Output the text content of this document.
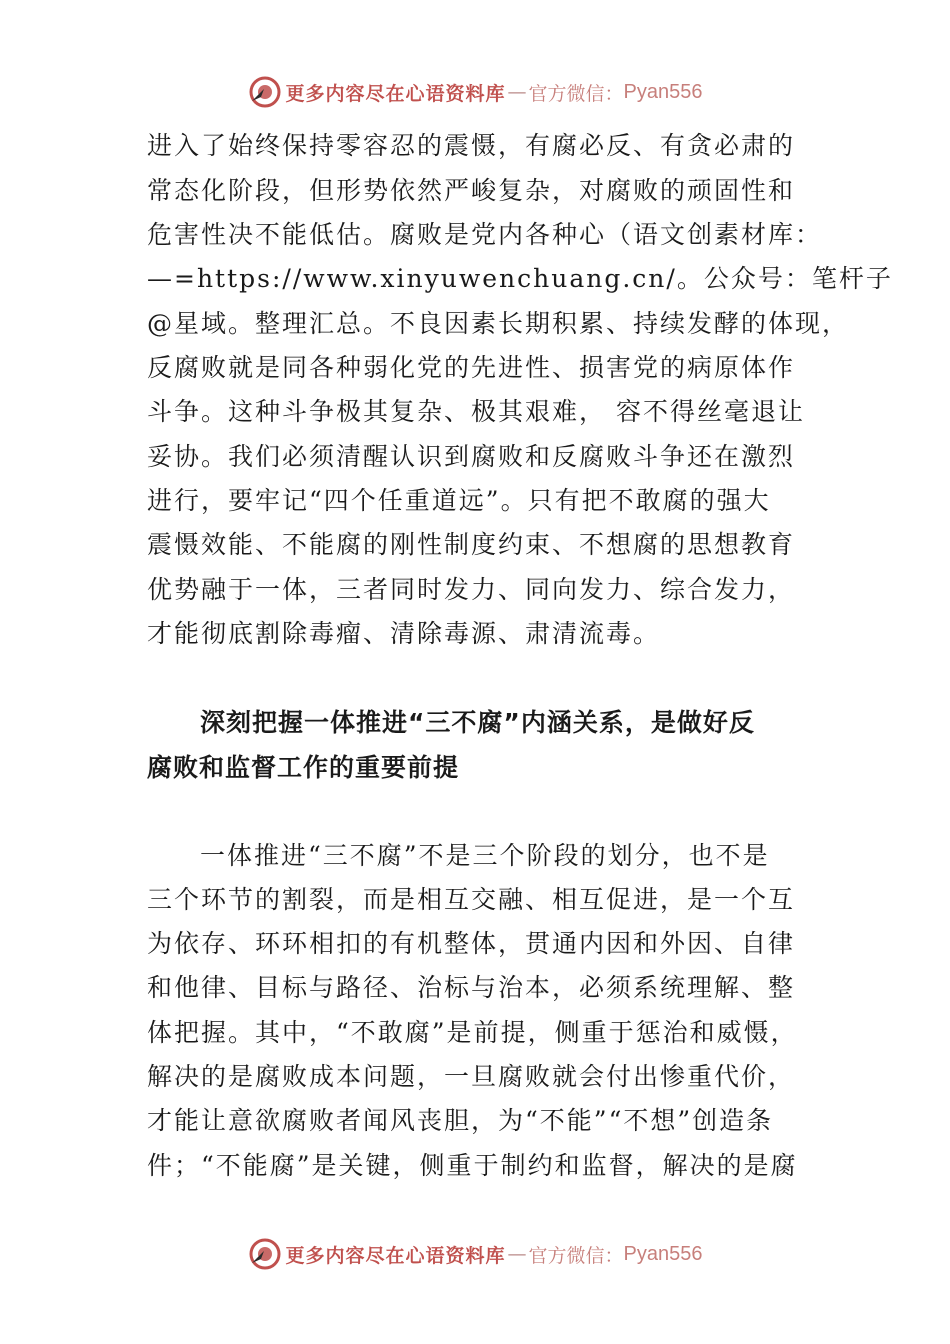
更多内容尽在心语资料库 — 官方微信： Pyan556
进入了始终保持零容忍的震慑，有腐必反、有贪必肃的
常态化阶段，但形势依然严峻复杂，对腐败的顽固性和
危害性决不能低估。腐败是党内各种心（语文创素材库：
—=https://www.xinyuwenchuang.cn/。公众号：笔杆子
@星域。整理汇总。不良因素长期积累、持续发酵的体现，
反腐败就是同各种弱化党的先进性、损害党的病原体作
斗争。这种斗争极其复杂、极其艰难， 容不得丝毫退让
妥协。我们必须清醒认识到腐败和反腐败斗争还在激烈
进行，要牢记“四个任重道远”。只有把不敢腐的强大
震慑效能、不能腐的刚性制度约束、不想腐的思想教育
优势融于一体，三者同时发力、同向发力、综合发力，
才能彻底割除毒瘤、清除毒源、肃清流毒。
深刻把握一体推进“三不腐”内涵关系，是做好反
腐败和监督工作的重要前提
一体推进“三不腐”不是三个阶段的划分，也不是
三个环节的割裂，而是相互交融、相互促进，是一个互
为依存、环环相扣的有机整体，贯通内因和外因、自律
和他律、目标与路径、治标与治本，必须系统理解、整
体把握。其中，“不敢腐”是前提，侧重于惩治和威慑，
解决的是腐败成本问题，一旦腐败就会付出惨重代价，
才能让意欲腐败者闻风丧胆，为“不能”“不想”创造条
件；“不能腐”是关键，侧重于制约和监督，解决的是腐
更多内容尽在心语资料库 — 官方微信： Pyan556
